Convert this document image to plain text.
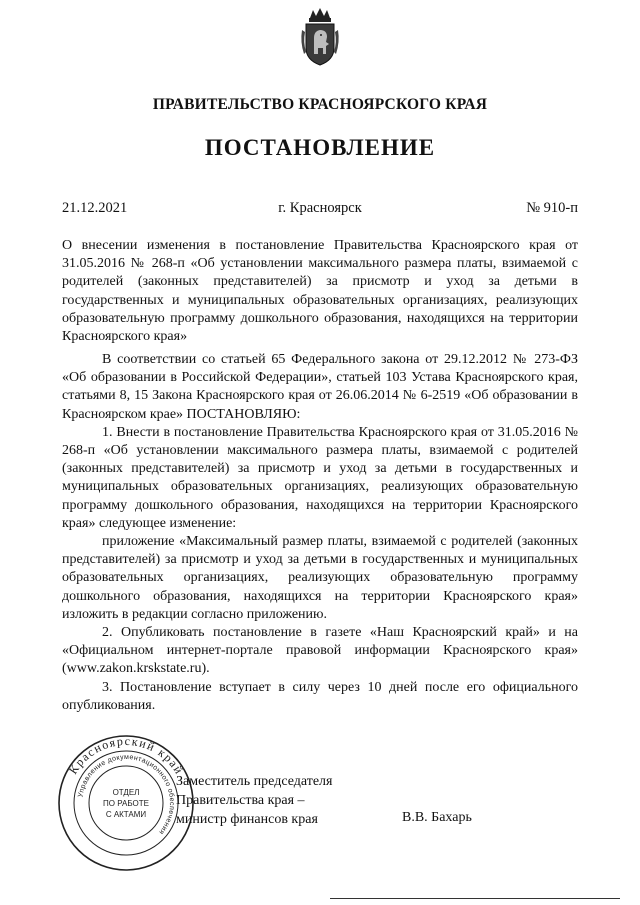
ПРАВИТЕЛЬСТВО КРАСНОЯРСКОГО КРАЯ
ПОСТАНОВЛЕНИЕ
21.12.2021	г. Красноярск	№ 910-п

О внесении изменения в постановление Правительства Красноярского края от 31.05.2016 № 268-п «Об установлении максимального размера платы, взимаемой с родителей (законных представителей) за присмотр и уход за детьми в государственных и муниципальных образовательных организациях, реализующих образовательную программу дошкольного образования, находящихся на территории Красноярского края»

В соответствии со статьей 65 Федерального закона от 29.12.2012 № 273-ФЗ «Об образовании в Российской Федерации», статьей 103 Устава Красноярского края, статьями 8, 15 Закона Красноярского края от 26.06.2014 № 6-2519 «Об образовании в Красноярском крае» ПОСТАНОВЛЯЮ:

1. Внести в постановление Правительства Красноярского края от 31.05.2016 № 268-п «Об установлении максимального размера платы, взимаемой с родителей (законных представителей) за присмотр и уход за детьми в государственных и муниципальных образовательных организациях, реализующих образовательную программу дошкольного образования, находящихся на территории Красноярского края» следующее изменение:

приложение «Максимальный размер платы, взимаемой с родителей (законных представителей) за присмотр и уход за детьми в государственных и муниципальных образовательных организациях, реализующих образовательную программу дошкольного образования, находящихся на территории Красноярского края» изложить в редакции согласно приложению.

2. Опубликовать постановление в газете «Наш Красноярский край» и на «Официальном интернет-портале правовой информации Красноярского края» (www.zakon.krskstate.ru).

3. Постановление вступает в силу через 10 дней после его официального опубликования.

Красноярский край
Управление документационного обеспечения
ОТДЕЛ
ПО РАБОТЕ
С АКТАМИ
Заместитель председателя
Правительства края –
министр финансов края	В.В. Бахарь
